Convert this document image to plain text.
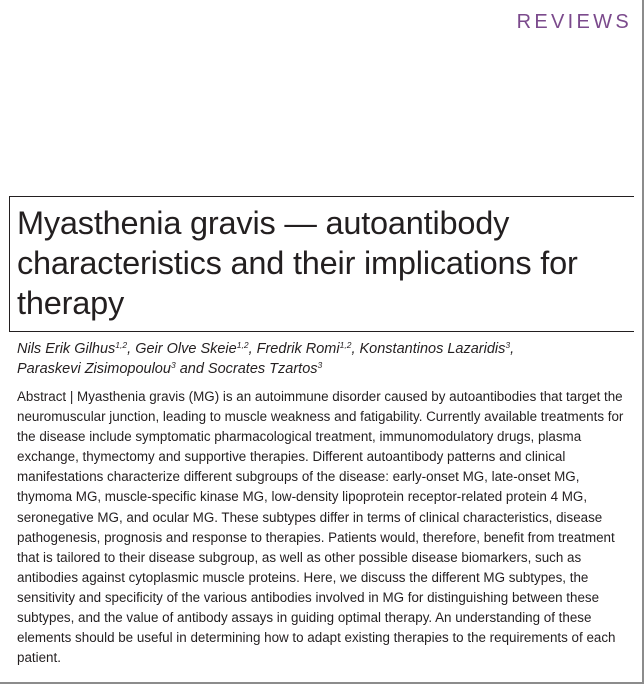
REVIEWS
Myasthenia gravis — autoantibody characteristics and their implications for therapy

Nils Erik Gilhus$^{1,2}$, Geir Olve Skeie$^{1,2}$, Fredrik Romi$^{1,2}$, Konstantinos Lazaridis$^3$,
Paraskevi Zisimopoulou$^3$ and Socrates Tzartos$^3$

Abstract | Myasthenia gravis (MG) is an autoimmune disorder caused by autoantibodies that target the neuromuscular junction, leading to muscle weakness and fatigability. Currently available treatments for the disease include symptomatic pharmacological treatment, immunomodulatory drugs, plasma exchange, thymectomy and supportive therapies. Different autoantibody patterns and clinical manifestations characterize different subgroups of the disease: early-onset MG, late-onset MG, thymoma MG, muscle-specific kinase MG, low-density lipoprotein receptor-related protein 4 MG, seronegative MG, and ocular MG. These subtypes differ in terms of clinical characteristics, disease pathogenesis, prognosis and response to therapies. Patients would, therefore, benefit from treatment that is tailored to their disease subgroup, as well as other possible disease biomarkers, such as antibodies against cytoplasmic muscle proteins. Here, we discuss the different MG subtypes, the sensitivity and specificity of the various antibodies involved in MG for distinguishing between these subtypes, and the value of antibody assays in guiding optimal therapy. An understanding of these elements should be useful in determining how to adapt existing therapies to the requirements of each patient.
